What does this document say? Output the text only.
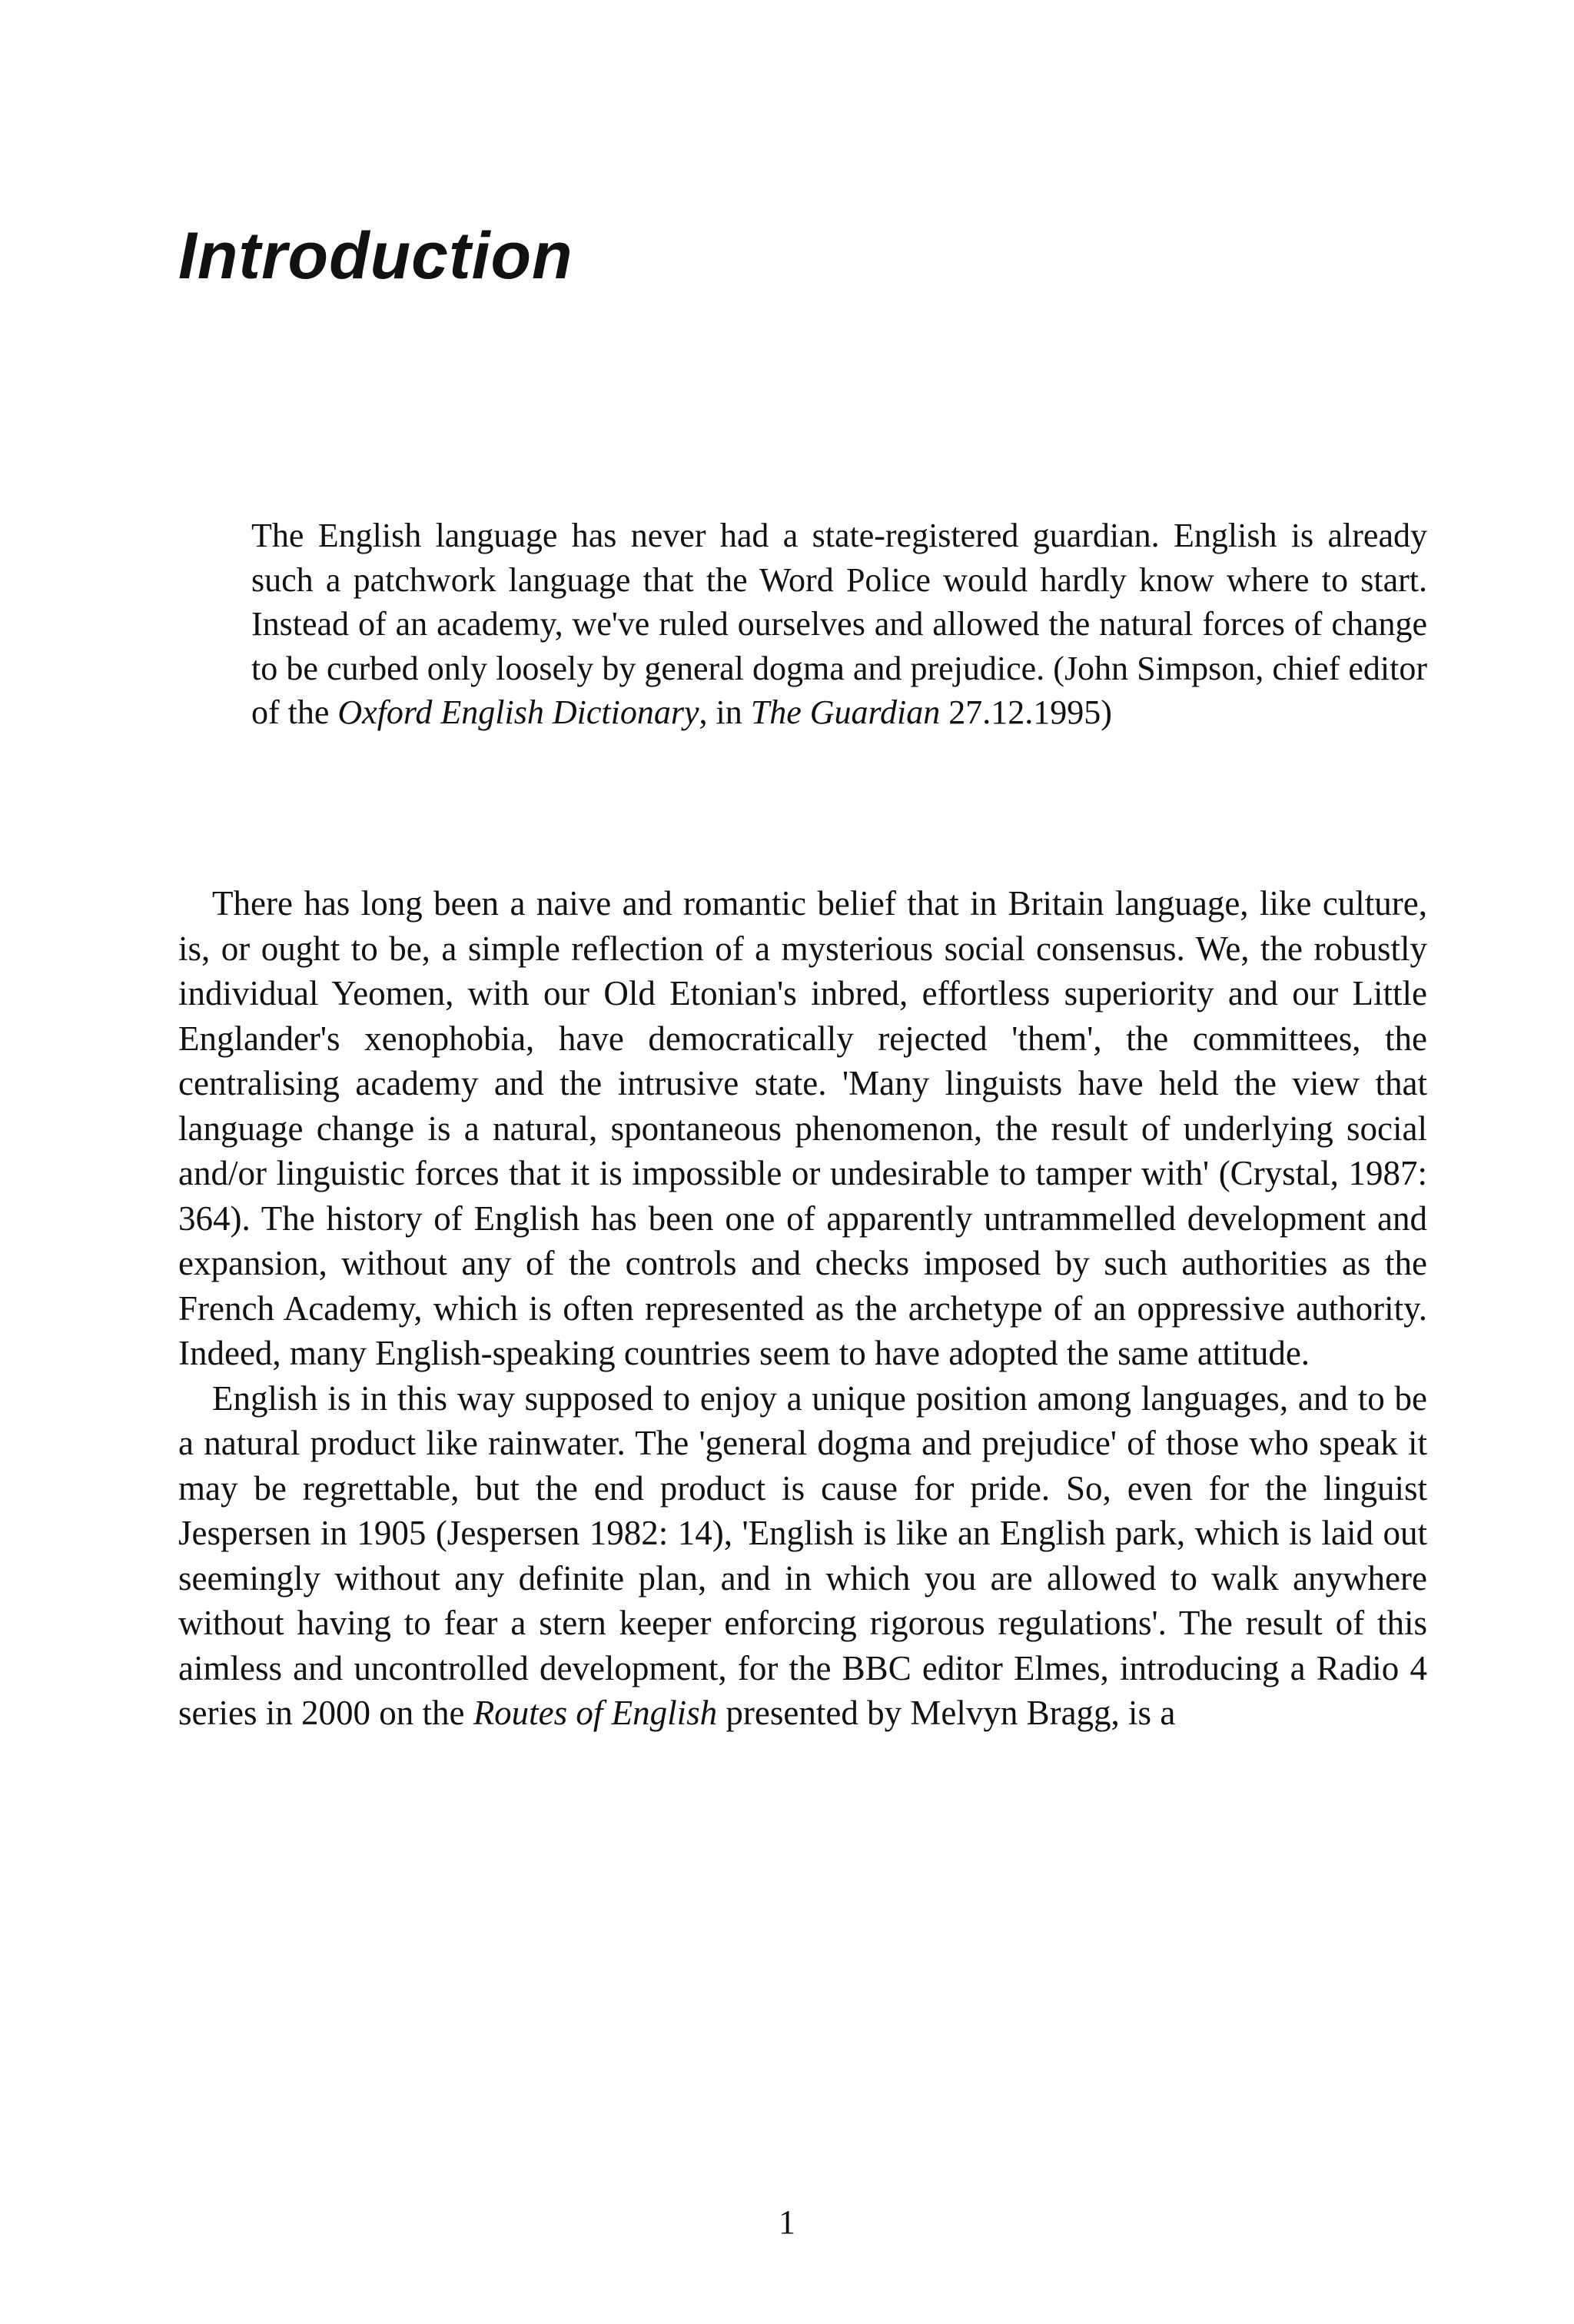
Introduction

The English language has never had a state-registered guardian. English is already such a patchwork language that the Word Police would hardly know where to start. Instead of an academy, we've ruled ourselves and allowed the natural forces of change to be curbed only loosely by general dogma and prejudice. (John Simpson, chief editor of the Oxford English Dictionary, in The Guardian 27.12.1995)

There has long been a naive and romantic belief that in Britain language, like culture, is, or ought to be, a simple reflection of a mysterious social consensus. We, the robustly individual Yeomen, with our Old Etonian's inbred, effortless superiority and our Little Englander's xenophobia, have democratically rejected 'them', the committees, the centralising academy and the intrusive state. 'Many linguists have held the view that language change is a natural, spontaneous phenomenon, the result of underlying social and/or linguistic forces that it is impossible or undesirable to tamper with' (Crystal, 1987: 364). The history of English has been one of apparently untrammelled development and expansion, without any of the controls and checks imposed by such authorities as the French Academy, which is often represented as the archetype of an oppressive authority. Indeed, many English-speaking countries seem to have adopted the same attitude.

English is in this way supposed to enjoy a unique position among languages, and to be a natural product like rainwater. The 'general dogma and prejudice' of those who speak it may be regrettable, but the end product is cause for pride. So, even for the linguist Jespersen in 1905 (Jespersen 1982: 14), 'English is like an English park, which is laid out seemingly without any definite plan, and in which you are allowed to walk anywhere without having to fear a stern keeper enforcing rigorous regulations'. The result of this aimless and uncontrolled development, for the BBC editor Elmes, introducing a Radio 4 series in 2000 on the Routes of English presented by Melvyn Bragg, is a

1
